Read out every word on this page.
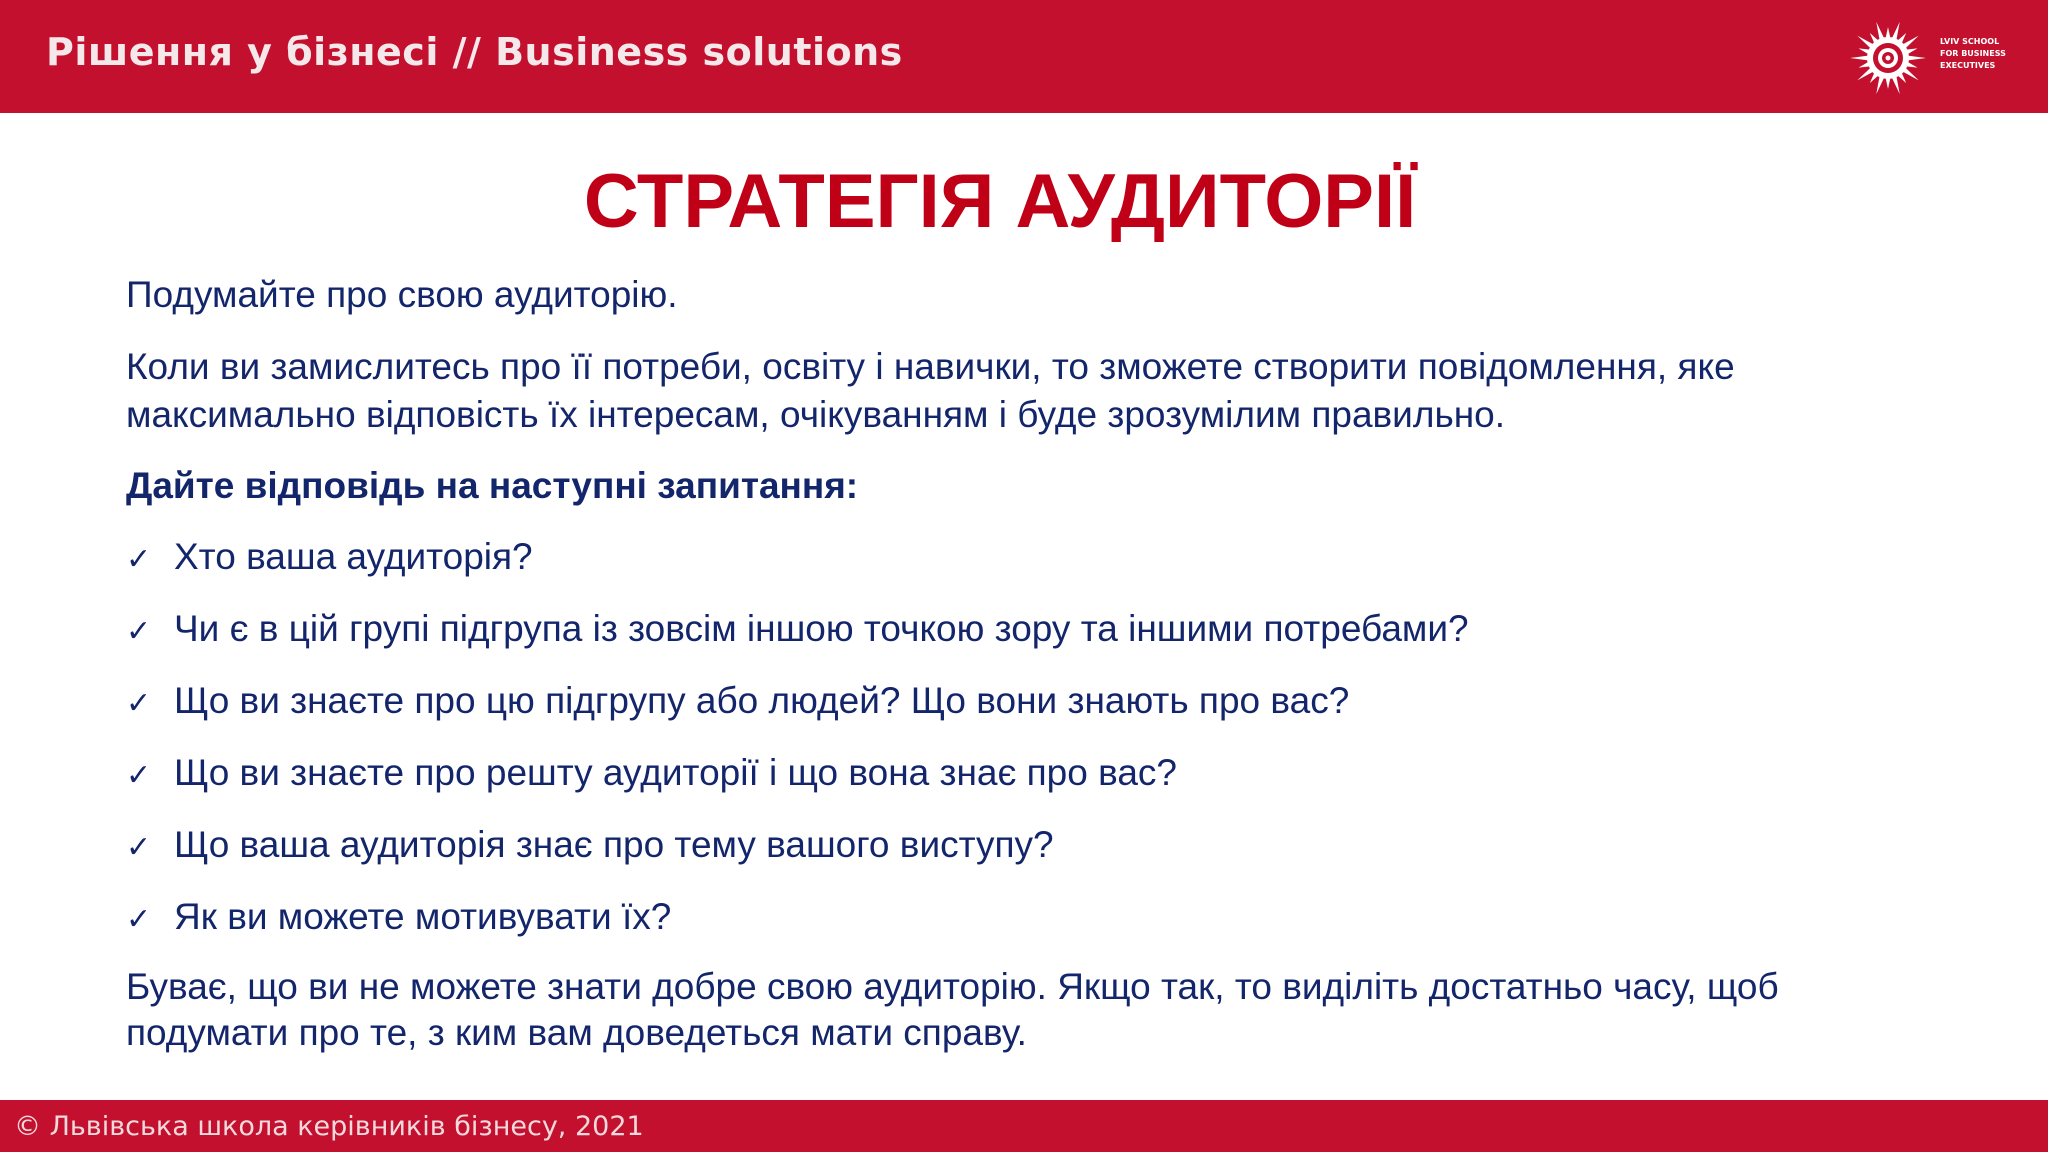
Рішення у бізнесі // Business solutions	LVIV SCHOOL
FOR BUSINESS
EXECUTIVES
СТРАТЕГІЯ АУДИТОРІЇ
Подумайте про свою аудиторію.
Коли ви замислитесь про її потреби, освіту і навички, то зможете створити повідомлення, яке
максимально відповість їх інтересам, очікуванням і буде зрозумілим правильно.
Дайте відповідь на наступні запитання:
✓ Хто ваша аудиторія?
✓ Чи є в цій групі підгрупа із зовсім іншою точкою зору та іншими потребами?
✓ Що ви знаєте про цю підгрупу або людей? Що вони знають про вас?
✓ Що ви знаєте про решту аудиторії і що вона знає про вас?
✓ Що ваша аудиторія знає про тему вашого виступу?
✓ Як ви можете мотивувати їх?
Буває, що ви не можете знати добре свою аудиторію. Якщо так, то виділіть достатньо часу, щоб
подумати про те, з ким вам доведеться мати справу.
© Львівська школа керівників бізнесу, 2021
